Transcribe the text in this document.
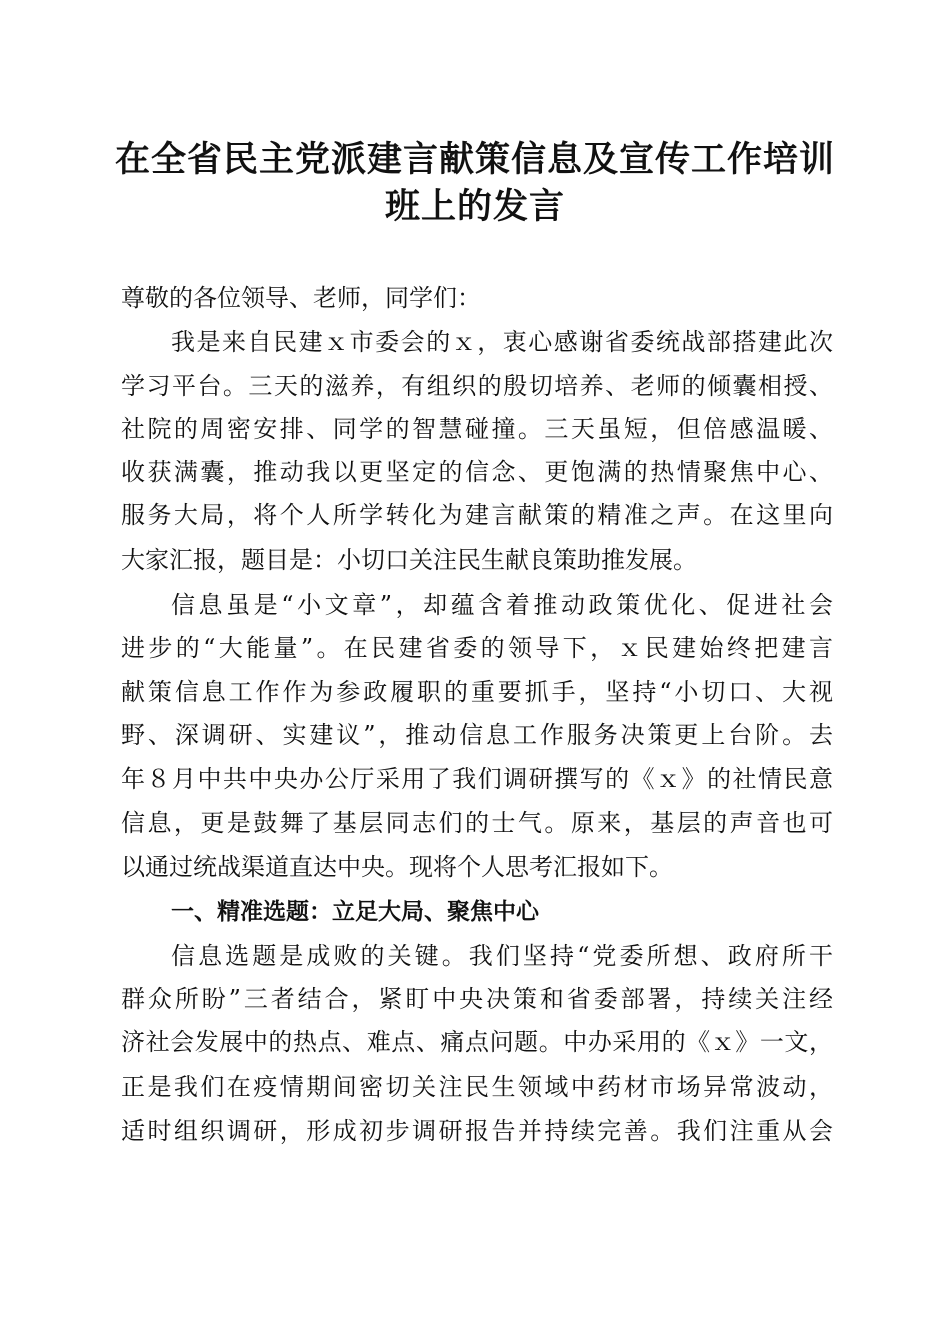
在全省民主党派建言献策信息及宣传工作培训
班上的发言
尊敬的各位领导、老师，同学们：
我是来自民建ｘ市委会的ｘ，衷心感谢省委统战部搭建此次
学习平台。三天的滋养，有组织的殷切培养、老师的倾囊相授、
社院的周密安排、同学的智慧碰撞。三天虽短，但倍感温暖、
收获满囊，推动我以更坚定的信念、更饱满的热情聚焦中心、
服务大局，将个人所学转化为建言献策的精准之声。在这里向
大家汇报，题目是：小切口关注民生献良策助推发展。
信息虽是“小文章”，却蕴含着推动政策优化、促进社会
进步的“大能量”。在民建省委的领导下，ｘ民建始终把建言
献策信息工作作为参政履职的重要抓手，坚持“小切口、大视
野、深调研、实建议”，推动信息工作服务决策更上台阶。去
年８月中共中央办公厅采用了我们调研撰写的《ｘ》的社情民意
信息，更是鼓舞了基层同志们的士气。原来，基层的声音也可
以通过统战渠道直达中央。现将个人思考汇报如下。
一、精准选题：立足大局、聚焦中心
信息选题是成败的关键。我们坚持“党委所想、政府所干
群众所盼”三者结合，紧盯中央决策和省委部署，持续关注经
济社会发展中的热点、难点、痛点问题。中办采用的《ｘ》一文，
正是我们在疫情期间密切关注民生领域中药材市场异常波动，
适时组织调研，形成初步调研报告并持续完善。我们注重从会
